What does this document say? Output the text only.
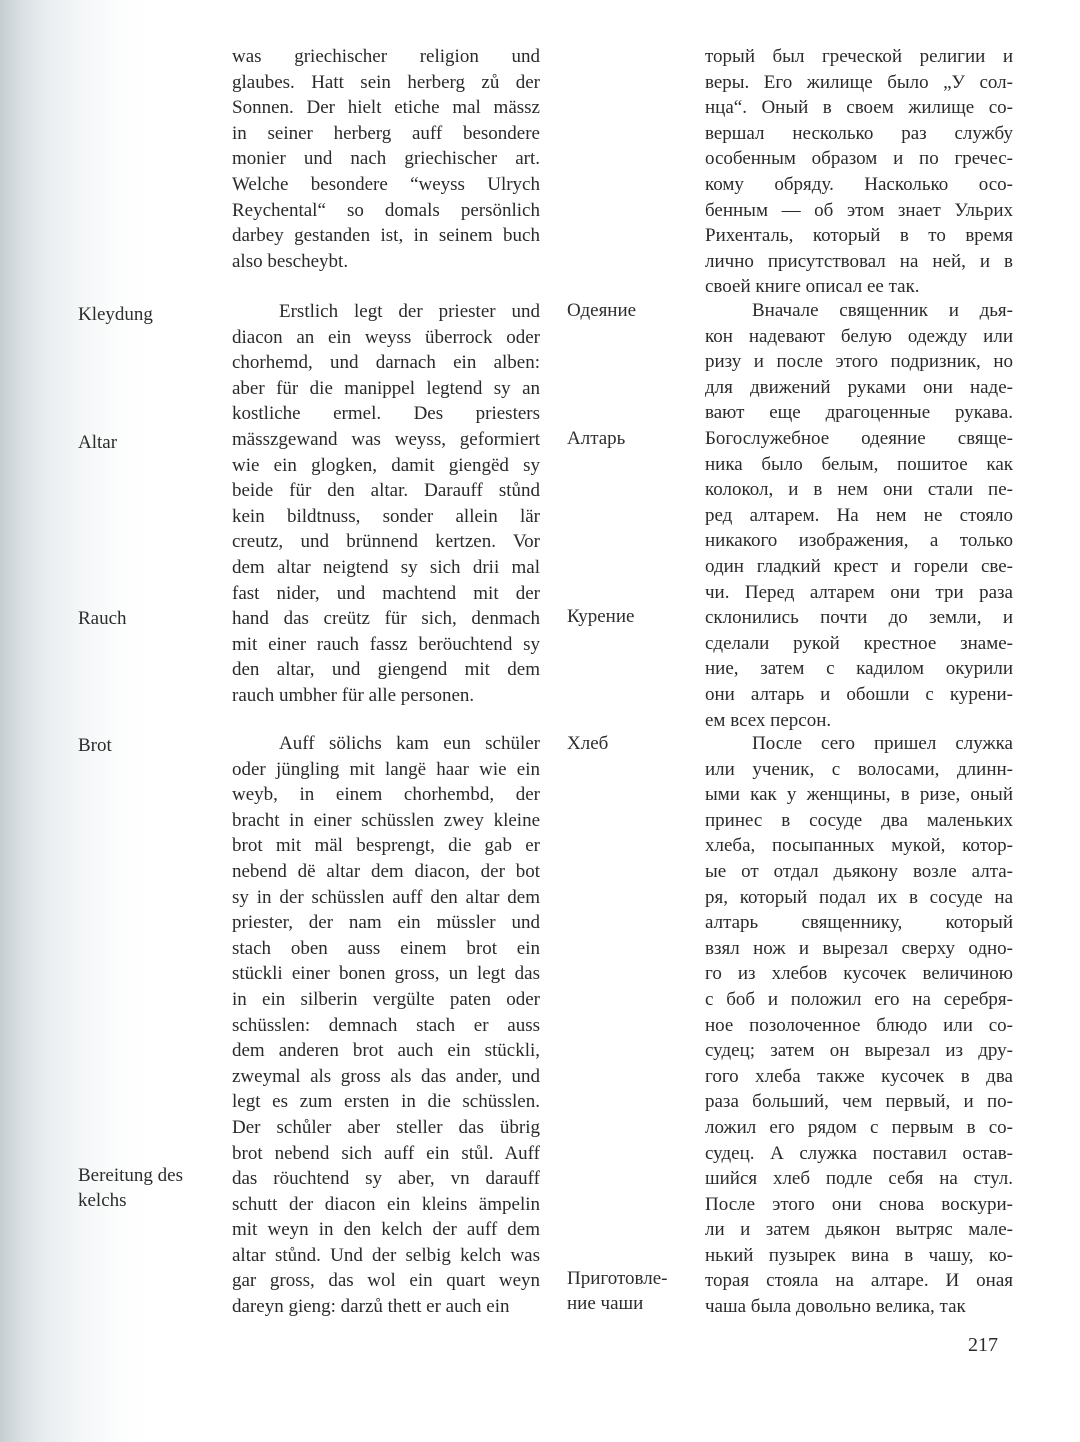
was griechischer religion und
glaubes. Hatt sein herberg zů der
Sonnen. Der hielt etiche mal mässz
in seiner herberg auff besondere
monier und nach griechischer art.
Welche besondere “weyss Ulrych
Reychental“ so domals persönlich
darbey gestanden ist, in seinem buch
also bescheybt.
Erstlich legt der priester und
diacon an ein weyss überrock oder
chorhemd, und darnach ein alben:
aber für die manippel legtend sy an
kostliche ermel. Des priesters
mässzgewand was weyss, geformiert
wie ein glogken, damit giengëd sy
beide für den altar. Darauff stůnd
kein bildtnuss, sonder allein lär
creutz, und brünnend kertzen. Vor
dem altar neigtend sy sich drii mal
fast nider, und machtend mit der
hand das creütz für sich, denmach
mit einer rauch fassz beröuchtend sy
den altar, und giengend mit dem
rauch umbher für alle personen.
Auff sölichs kam eun schüler
oder jüngling mit langë haar wie ein
weyb, in einem chorhembd, der
bracht in einer schüsslen zwey kleine
brot mit mäl besprengt, die gab er
nebend dë altar dem diacon, der bot
sy in der schüsslen auff den altar dem
priester, der nam ein müssler und
stach oben auss einem brot ein
stückli einer bonen gross, un legt das
in ein silberin vergülte paten oder
schüsslen: demnach stach er auss
dem anderen brot auch ein stückli,
zweymal als gross als das ander, und
legt es zum ersten in die schüsslen.
Der schůler aber steller das übrig
brot nebend sich auff ein stůl. Auff
das röuchtend sy aber, vn darauff
schutt der diacon ein kleins ämpelin
mit weyn in den kelch der auff dem
altar stůnd. Und der selbig kelch was
gar gross, das wol ein quart weyn
dareyn gieng: darzů thett er auch ein
торый был греческой религии и
веры. Его жилище было „У сол-
нца“. Оный в своем жилище со-
вершал несколько раз службу
особенным образом и по гречес-
кому обряду. Насколько осо-
бенным — об этом знает Ульрих
Рихенталь, который в то время
лично присутствовал на ней, и в
своей книге описал ее так.
Вначале священник и дья-
кон надевают белую одежду или
ризу и после этого подризник, но
для движений руками они наде-
вают еще драгоценные рукава.
Богослужебное одеяние свяще-
ника было белым, пошитое как
колокол, и в нем они стали пе-
ред алтарем. На нем не стояло
никакого изображения, а только
один гладкий крест и горели све-
чи. Перед алтарем они три раза
склонились почти до земли, и
сделали рукой крестное знаме-
ние, затем с кадилом окурили
они алтарь и обошли с курени-
ем всех персон.
После сего пришел служка
или ученик, с волосами, длинн-
ыми как у женщины, в ризе, оный
принес в сосуде два маленьких
хлеба, посыпанных мукой, котор-
ые от отдал дьякону возле алта-
ря, который подал их в сосуде на
алтарь священнику, который
взял нож и вырезал сверху одно-
го из хлебов кусочек величиною
с боб и положил его на серебря-
ное позолоченное блюдо или со-
судец; затем он вырезал из дру-
гого хлеба также кусочек в два
раза больший, чем первый, и по-
ложил его рядом с первым в со-
судец. А служка поставил остав-
шийся хлеб подле себя на стул.
После этого они снова воскури-
ли и затем дьякон вытряс мале-
нький пузырек вина в чашу, ко-
торая стояла на алтаре. И оная
чаша была довольно велика, так
Kleydung
Altar
Rauch
Brot
Bereitung des
kelchs
Одеяние
Алтарь
Курение
Хлеб
Приготовле-
ние чаши
217
